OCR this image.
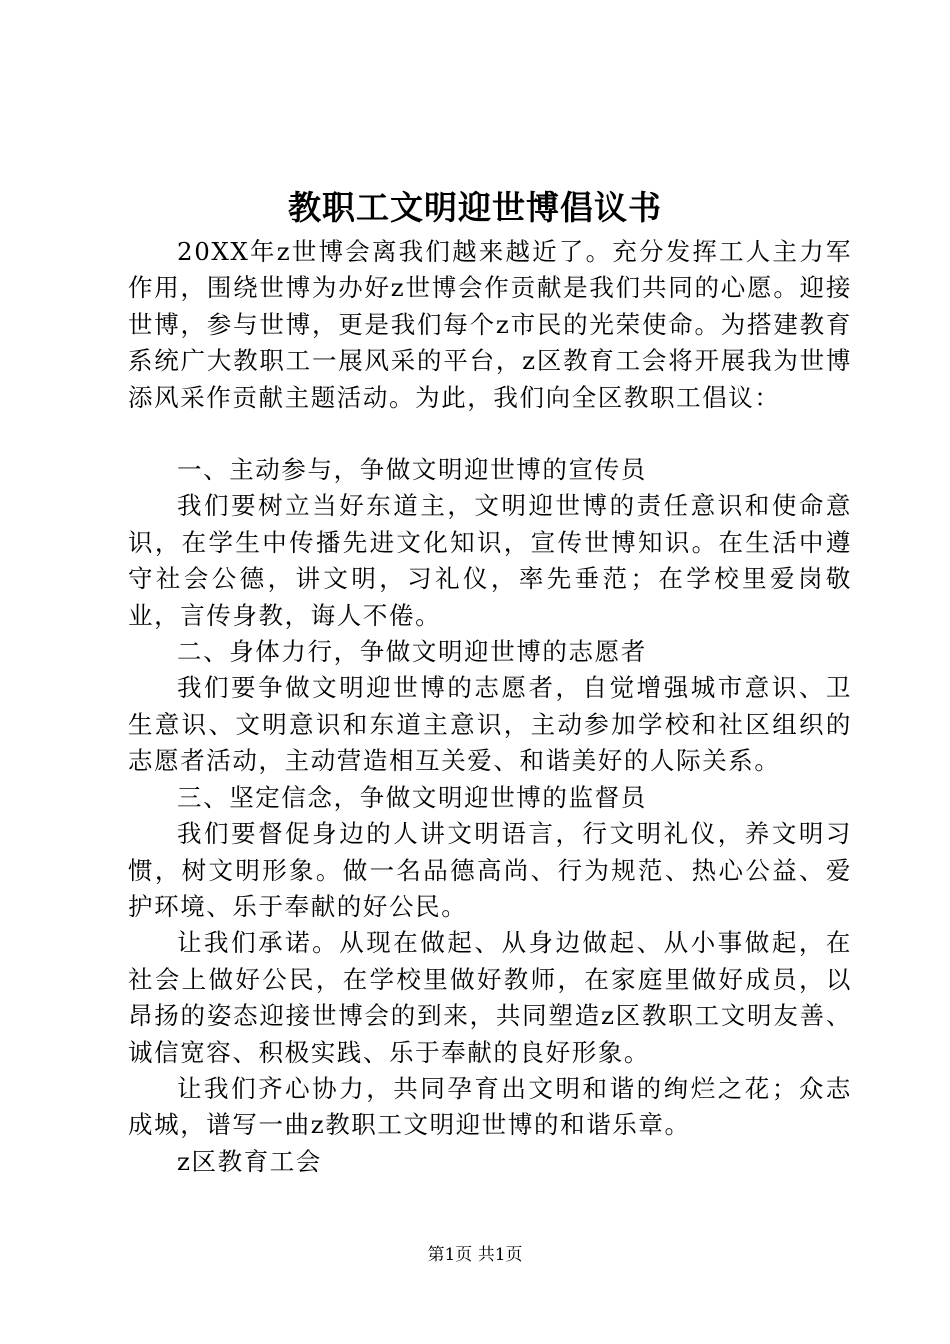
教职工文明迎世博倡议书

20XX年z世博会离我们越来越近了。充分发挥工人主力军作用，围绕世博为办好z世博会作贡献是我们共同的心愿。迎接世博，参与世博，更是我们每个z市民的光荣使命。为搭建教育系统广大教职工一展风采的平台，z区教育工会将开展我为世博添风采作贡献主题活动。为此，我们向全区教职工倡议：

一、主动参与，争做文明迎世博的宣传员

我们要树立当好东道主，文明迎世博的责任意识和使命意识，在学生中传播先进文化知识，宣传世博知识。在生活中遵守社会公德，讲文明，习礼仪，率先垂范；在学校里爱岗敬业，言传身教，诲人不倦。

二、身体力行，争做文明迎世博的志愿者

我们要争做文明迎世博的志愿者，自觉增强城市意识、卫生意识、文明意识和东道主意识，主动参加学校和社区组织的志愿者活动，主动营造相互关爱、和谐美好的人际关系。

三、坚定信念，争做文明迎世博的监督员

我们要督促身边的人讲文明语言，行文明礼仪，养文明习惯，树文明形象。做一名品德高尚、行为规范、热心公益、爱护环境、乐于奉献的好公民。

让我们承诺。从现在做起、从身边做起、从小事做起，在社会上做好公民，在学校里做好教师，在家庭里做好成员，以昂扬的姿态迎接世博会的到来，共同塑造z区教职工文明友善、诚信宽容、积极实践、乐于奉献的良好形象。

让我们齐心协力，共同孕育出文明和谐的绚烂之花；众志成城，谱写一曲z教职工文明迎世博的和谐乐章。

z区教育工会

第1页 共1页
